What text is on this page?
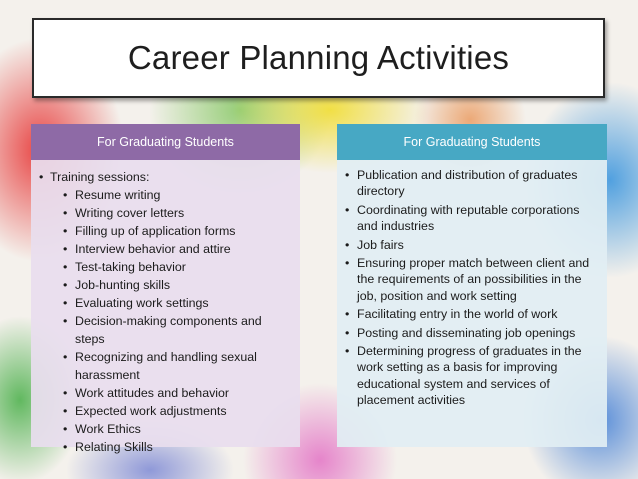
Career Planning Activities
For Graduating Students
• Training sessions:
• Resume writing
• Writing cover letters
• Filling up of application forms
• Interview behavior and attire
• Test-taking behavior
• Job-hunting skills
• Evaluating work settings
• Decision-making components and steps
• Recognizing and handling sexual harassment
• Work attitudes and behavior
• Expected work adjustments
• Work Ethics
• Relating Skills
For Graduating Students
• Publication and distribution of graduates directory
• Coordinating with reputable corporations and industries
• Job fairs
• Ensuring proper match between client and the requirements of an possibilities in the job, position and work setting
• Facilitating entry in the world of work
• Posting and disseminating job openings
• Determining progress of graduates in the work setting as a basis for improving educational system and services of placement activities
